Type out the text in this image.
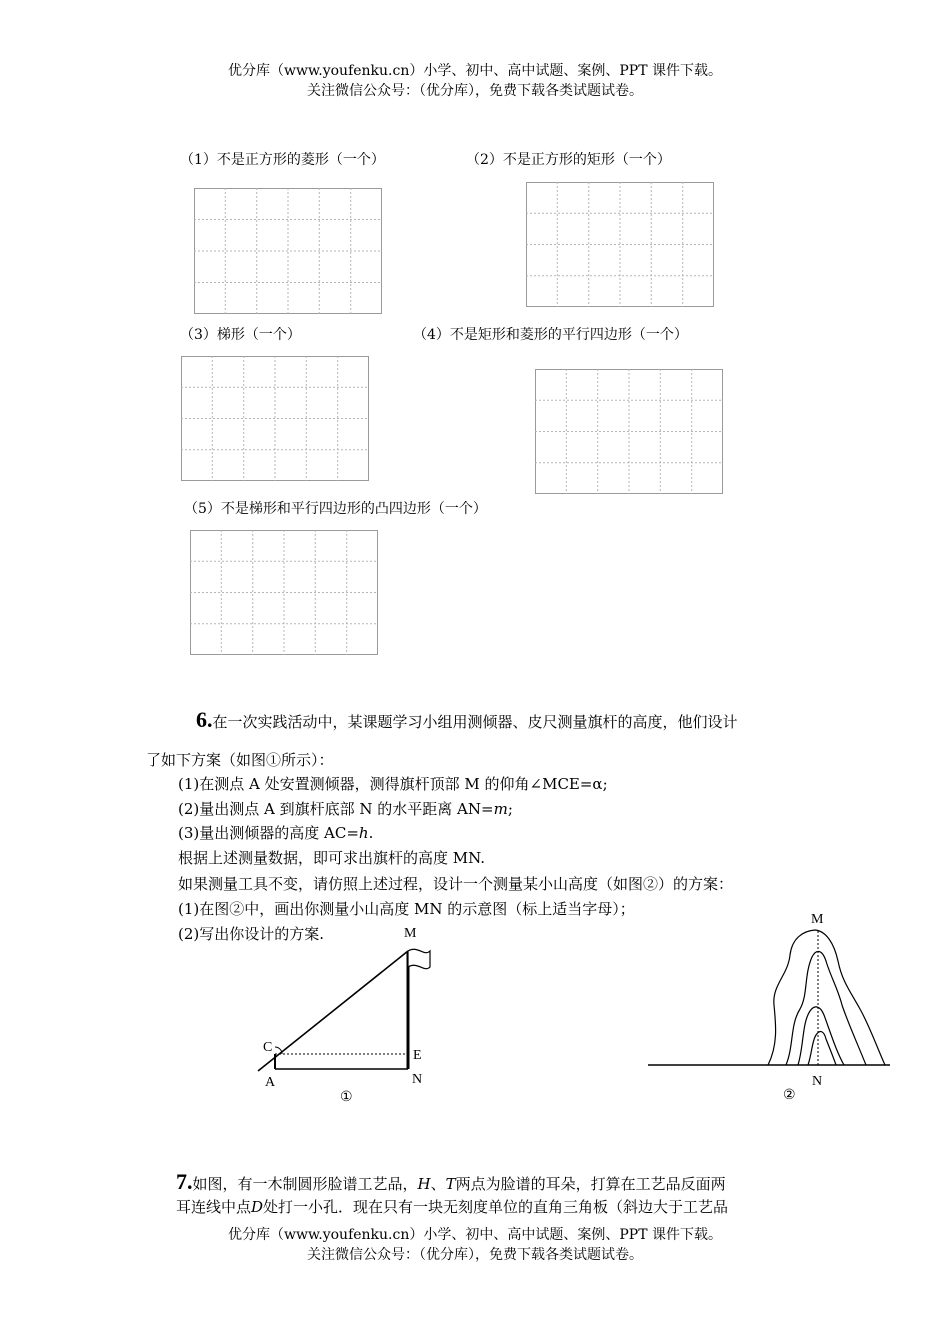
优分库（www.youfenku.cn）小学、初中、高中试题、案例、PPT 课件下载。
关注微信公众号：（优分库），免费下载各类试题试卷。
（1）不是正方形的菱形（一个）	（2）不是正方形的矩形（一个）
（3）梯形（一个）	（4）不是矩形和菱形的平行四边形（一个）
（5）不是梯形和平行四边形的凸四边形（一个）
6.在一次实践活动中，某课题学习小组用测倾器、皮尺测量旗杆的高度，他们设计
了如下方案（如图①所示）：
(1)在测点 A 处安置测倾器，测得旗杆顶部 M 的仰角∠MCE=α;
(2)量出测点 A 到旗杆底部 N 的水平距离 AN=m;
(3)量出测倾器的高度 AC=h.
根据上述测量数据，即可求出旗杆的高度 MN.
如果测量工具不变，请仿照上述过程，设计一个测量某小山高度（如图②）的方案：
(1)在图②中，画出你测量小山高度 MN 的示意图（标上适当字母）；
(2)写出你设计的方案.	M
C
E
A	N
①
M
N
②
7.如图，有一木制圆形脸谱工艺品，H、T两点为脸谱的耳朵，打算在工艺品反面两
耳连线中点D处打一小孔．现在只有一块无刻度单位的直角三角板（斜边大于工艺品
优分库（www.youfenku.cn）小学、初中、高中试题、案例、PPT 课件下载。
关注微信公众号：（优分库），免费下载各类试题试卷。
